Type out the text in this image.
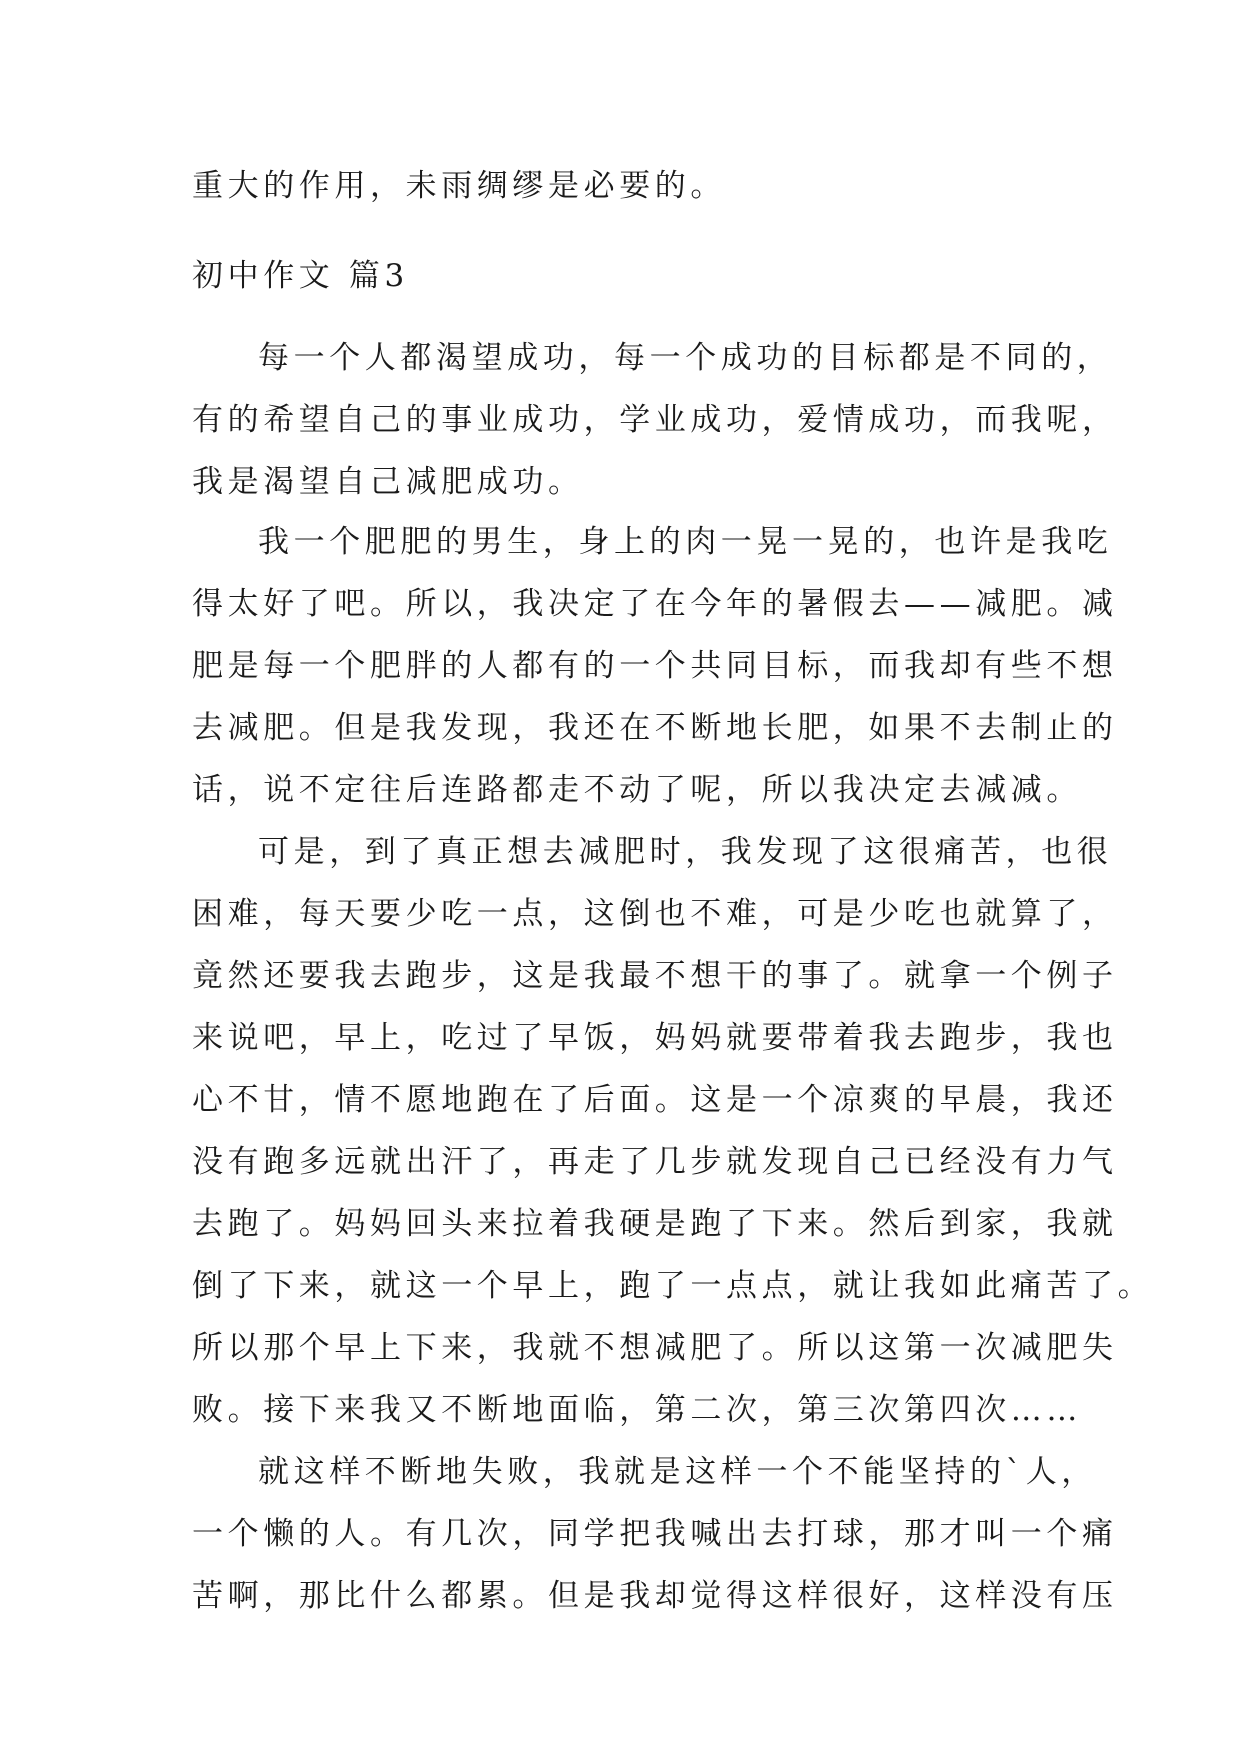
重大的作用，未雨绸缪是必要的。
初中作文 篇3
每一个人都渴望成功，每一个成功的目标都是不同的，
有的希望自己的事业成功，学业成功，爱情成功，而我呢，
我是渴望自己减肥成功。
我一个肥肥的男生，身上的肉一晃一晃的，也许是我吃
得太好了吧。所以，我决定了在今年的暑假去——减肥。减
肥是每一个肥胖的人都有的一个共同目标，而我却有些不想
去减肥。但是我发现，我还在不断地长肥，如果不去制止的
话，说不定往后连路都走不动了呢，所以我决定去减减。
可是，到了真正想去减肥时，我发现了这很痛苦，也很
困难，每天要少吃一点，这倒也不难，可是少吃也就算了，
竟然还要我去跑步，这是我最不想干的事了。就拿一个例子
来说吧，早上，吃过了早饭，妈妈就要带着我去跑步，我也
心不甘，情不愿地跑在了后面。这是一个凉爽的早晨，我还
没有跑多远就出汗了，再走了几步就发现自己已经没有力气
去跑了。妈妈回头来拉着我硬是跑了下来。然后到家，我就
倒了下来，就这一个早上，跑了一点点，就让我如此痛苦了。
所以那个早上下来，我就不想减肥了。所以这第一次减肥失
败。接下来我又不断地面临，第二次，第三次第四次……
就这样不断地失败，我就是这样一个不能坚持的`人，
一个懒的人。有几次，同学把我喊出去打球，那才叫一个痛
苦啊，那比什么都累。但是我却觉得这样很好，这样没有压
